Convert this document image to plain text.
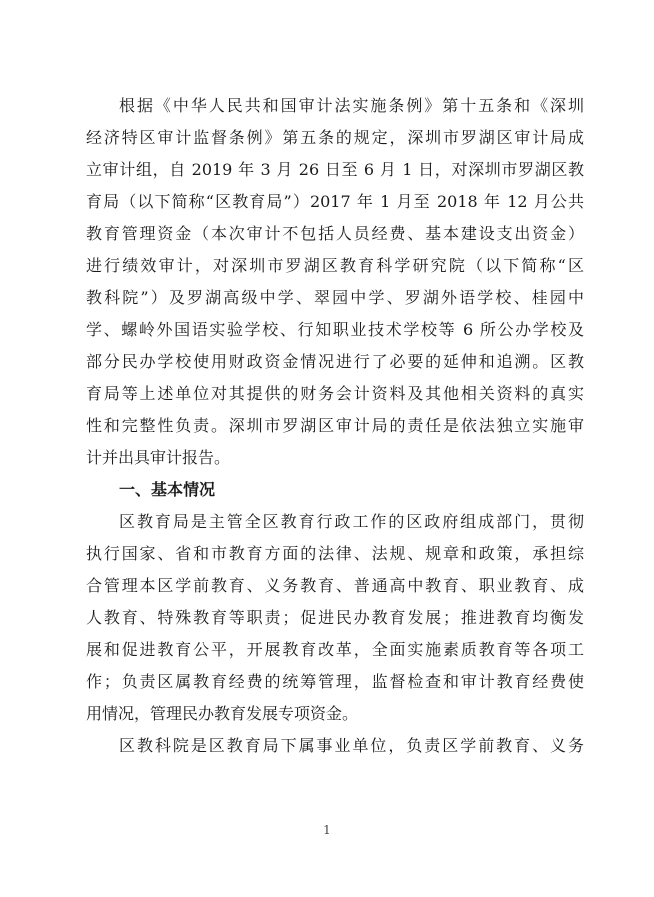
根据《中华人民共和国审计法实施条例》第十五条和《深圳
经济特区审计监督条例》第五条的规定，深圳市罗湖区审计局成
立审计组，自 2019 年 3 月 26 日至 6 月 1 日，对深圳市罗湖区教
育局（以下简称“区教育局”）2017 年 1 月至 2018 年 12 月公共
教育管理资金（本次审计不包括人员经费、基本建设支出资金）
进行绩效审计，对深圳市罗湖区教育科学研究院（以下简称“区
教科院”）及罗湖高级中学、翠园中学、罗湖外语学校、桂园中
学、螺岭外国语实验学校、行知职业技术学校等 6 所公办学校及
部分民办学校使用财政资金情况进行了必要的延伸和追溯。区教
育局等上述单位对其提供的财务会计资料及其他相关资料的真实
性和完整性负责。深圳市罗湖区审计局的责任是依法独立实施审
计并出具审计报告。
一、基本情况
区教育局是主管全区教育行政工作的区政府组成部门，贯彻
执行国家、省和市教育方面的法律、法规、规章和政策，承担综
合管理本区学前教育、义务教育、普通高中教育、职业教育、成
人教育、特殊教育等职责；促进民办教育发展；推进教育均衡发
展和促进教育公平，开展教育改革，全面实施素质教育等各项工
作；负责区属教育经费的统筹管理，监督检查和审计教育经费使
用情况，管理民办教育发展专项资金。
区教科院是区教育局下属事业单位，负责区学前教育、义务
1
